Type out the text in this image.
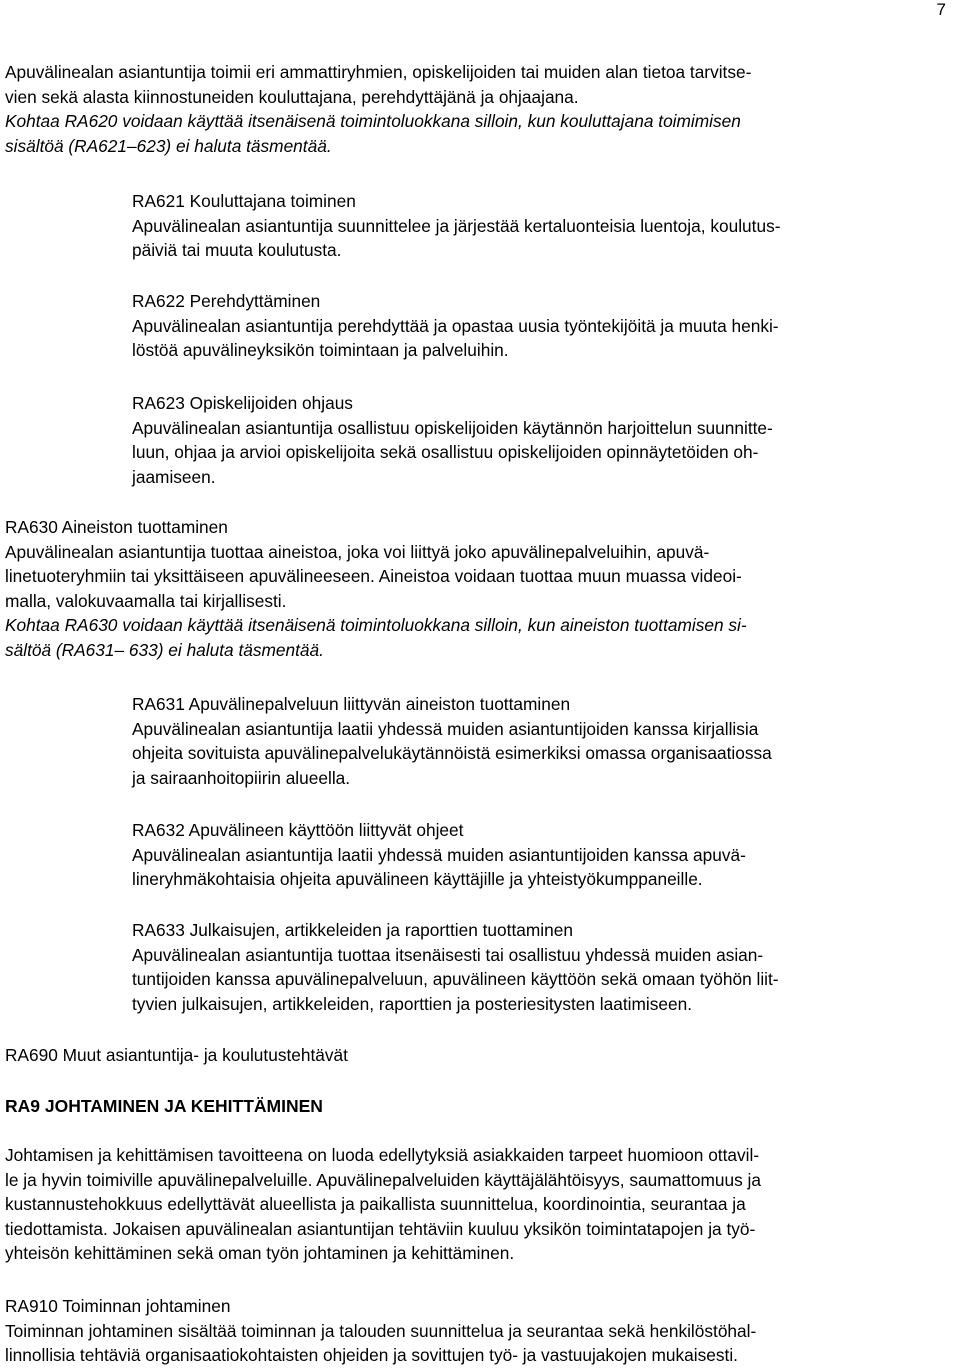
7
Apuvälinealan asiantuntija toimii eri ammattiryhmien, opiskelijoiden tai muiden alan tietoa tarvitse-
vien sekä alasta kiinnostuneiden kouluttajana, perehdyttäjänä ja ohjaajana.
Kohtaa RA620 voidaan käyttää itsenäisenä toimintoluokkana silloin, kun kouluttajana toimimisen
sisältöä (RA621–623) ei haluta täsmentää.
RA621 Kouluttajana toiminen
Apuvälinealan asiantuntija suunnittelee ja järjestää kertaluonteisia luentoja, koulutus-
päiviä tai muuta koulutusta.
RA622 Perehdyttäminen
Apuvälinealan asiantuntija perehdyttää ja opastaa uusia työntekijöitä ja muuta henki-
löstöä apuvälineyksikön toimintaan ja palveluihin.
RA623 Opiskelijoiden ohjaus
Apuvälinealan asiantuntija osallistuu opiskelijoiden käytännön harjoittelun suunnitte-
luun, ohjaa ja arvioi opiskelijoita sekä osallistuu opiskelijoiden opinnäytetöiden oh-
jaamiseen.
RA630 Aineiston tuottaminen
Apuvälinealan asiantuntija tuottaa aineistoa, joka voi liittyä joko apuvälinepalveluihin, apuvä-
linetuoteryhmiin tai yksittäiseen apuvälineeseen. Aineistoa voidaan tuottaa muun muassa videoi-
malla, valokuvaamalla tai kirjallisesti.
Kohtaa RA630 voidaan käyttää itsenäisenä toimintoluokkana silloin, kun aineiston tuottamisen si-
sältöä (RA631– 633) ei haluta täsmentää.
RA631 Apuvälinepalveluun liittyvän aineiston tuottaminen
Apuvälinealan asiantuntija laatii yhdessä muiden asiantuntijoiden kanssa kirjallisia
ohjeita sovituista apuvälinepalvelukäytännöistä esimerkiksi omassa organisaatiossa
ja sairaanhoitopiirin alueella.
RA632 Apuvälineen käyttöön liittyvät ohjeet
Apuvälinealan asiantuntija laatii yhdessä muiden asiantuntijoiden kanssa apuvä-
lineryhmäkohtaisia ohjeita apuvälineen käyttäjille ja yhteistyökumppaneille.
RA633 Julkaisujen, artikkeleiden ja raporttien tuottaminen
Apuvälinealan asiantuntija tuottaa itsenäisesti tai osallistuu yhdessä muiden asian-
tuntijoiden kanssa apuvälinepalveluun, apuvälineen käyttöön sekä omaan työhön liit-
tyvien julkaisujen, artikkeleiden, raporttien ja posteriesitysten laatimiseen.
RA690 Muut asiantuntija- ja koulutustehtävät
RA9 JOHTAMINEN JA KEHITTÄMINEN
Johtamisen ja kehittämisen tavoitteena on luoda edellytyksiä asiakkaiden tarpeet huomioon ottavil-
le ja hyvin toimiville apuvälinepalveluille. Apuvälinepalveluiden käyttäjälähtöisyys, saumattomuus ja
kustannustehokkuus edellyttävät alueellista ja paikallista suunnittelua, koordinointia, seurantaa ja
tiedottamista. Jokaisen apuvälinealan asiantuntijan tehtäviin kuuluu yksikön toimintatapojen ja työ-
yhteisön kehittäminen sekä oman työn johtaminen ja kehittäminen.
RA910 Toiminnan johtaminen
Toiminnan johtaminen sisältää toiminnan ja talouden suunnittelua ja seurantaa sekä henkilöstöhal-
linnollisia tehtäviä organisaatiokohtaisten ohjeiden ja sovittujen työ- ja vastuujakojen mukaisesti.
